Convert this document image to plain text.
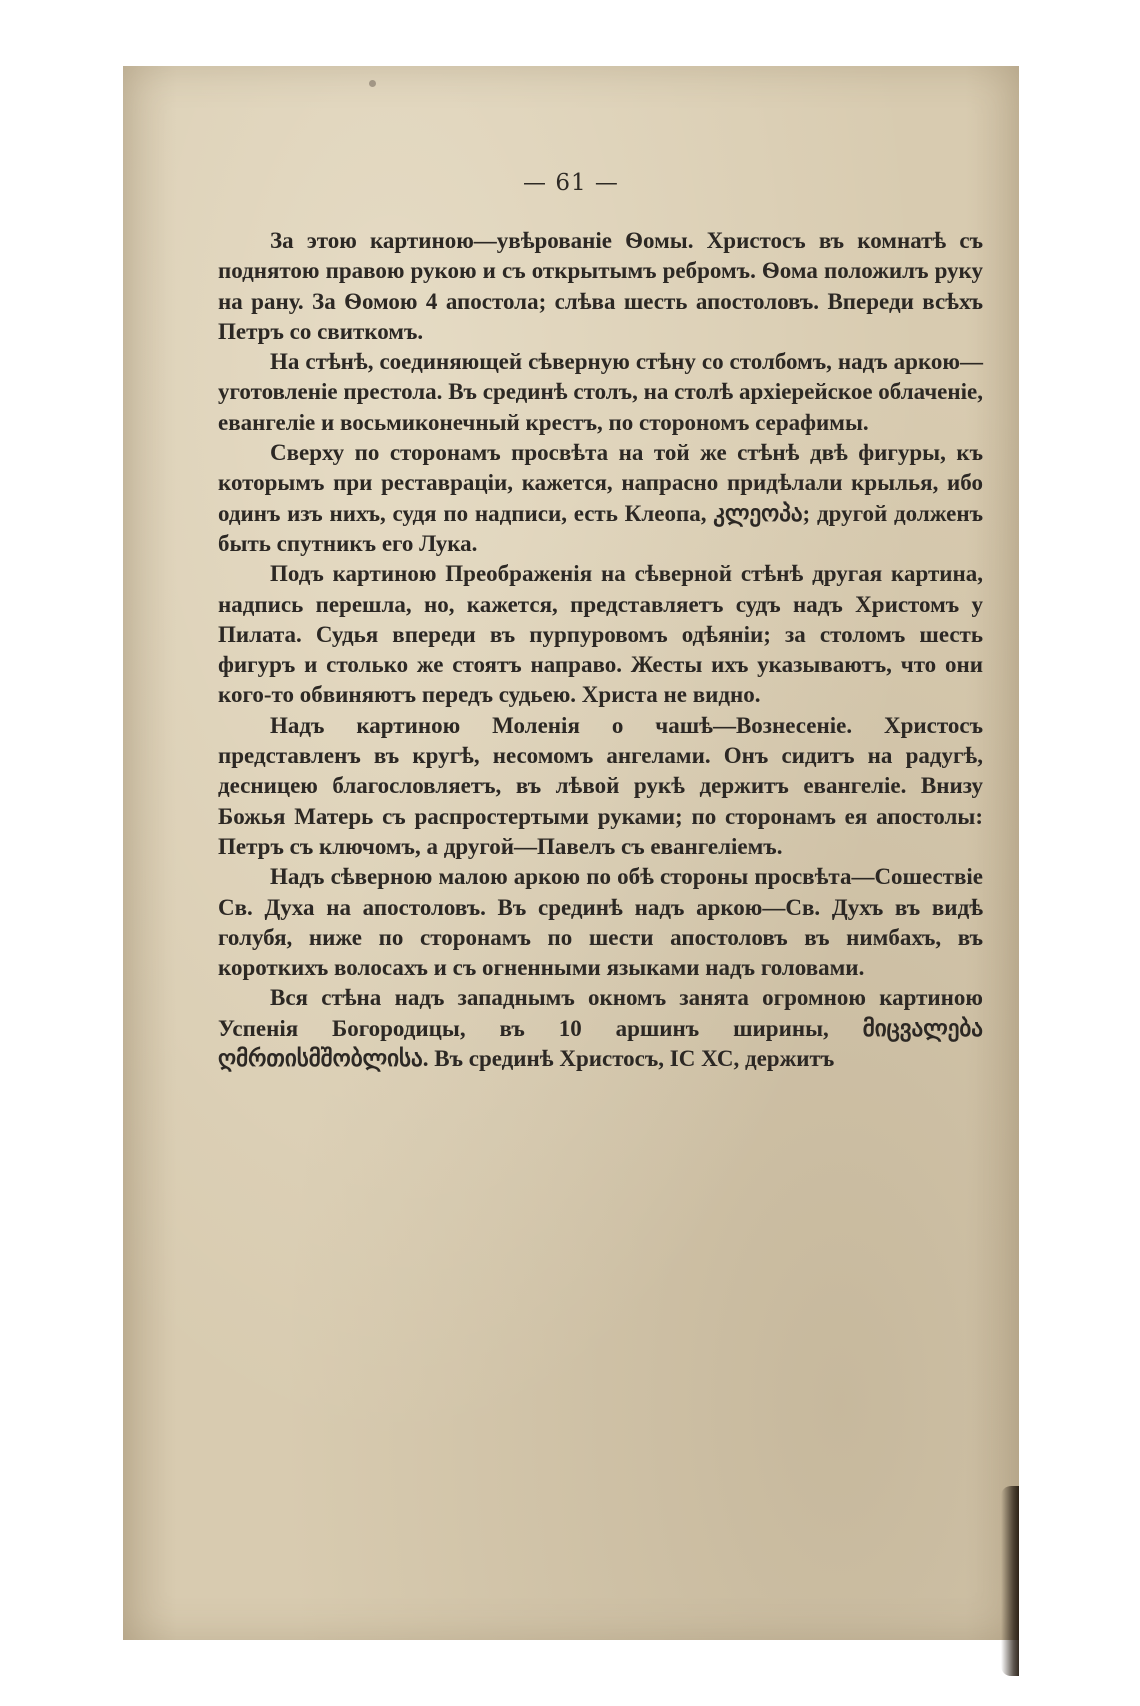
— 61 —

За этою картиною—увѣрованіе Ѳомы. Христосъ въ комнатѣ съ поднятою правою рукою и съ открытымъ ребромъ. Ѳома положилъ руку на рану. За Ѳомою 4 апостола; слѣва шесть апостоловъ. Впереди всѣхъ Петръ со свиткомъ.

На стѣнѣ, соединяющей сѣверную стѣну со столбомъ, надъ аркою—уготовленіе престола. Въ срединѣ столъ, на столѣ архіерейское облаченіе, евангеліе и восьмиконечный крестъ, по сторономъ серафимы.

Сверху по сторонамъ просвѣта на той же стѣнѣ двѣ фигуры, къ которымъ при реставраціи, кажется, напрасно придѣлали крылья, ибо одинъ изъ нихъ, судя по надписи, есть Клеопа, კლეოპა; другой долженъ быть спутникъ его Лука.

Подъ картиною Преображенія на сѣверной стѣнѣ другая картина, надпись перешла, но, кажется, представляетъ судъ надъ Христомъ у Пилата. Судья впереди въ пурпуровомъ одѣяніи; за столомъ шесть фигуръ и столько же стоятъ направо. Жесты ихъ указываютъ, что они кого-то обвиняютъ передъ судьею. Христа не видно.

Надъ картиною Моленія о чашѣ—Вознесеніе. Христосъ представленъ въ кругѣ, несомомъ ангелами. Онъ сидитъ на радугѣ, десницею благословляетъ, въ лѣвой рукѣ держитъ евангеліе. Внизу Божья Матерь съ распростертыми руками; по сторонамъ ея апостолы: Петръ съ ключомъ, а другой—Павелъ съ евангеліемъ.

Надъ сѣверною малою аркою по обѣ стороны просвѣта—Сошествіе Св. Духа на апостоловъ. Въ срединѣ надъ аркою—Св. Духъ въ видѣ голубя, ниже по сторонамъ по шести апостоловъ въ нимбахъ, въ короткихъ волосахъ и съ огненными языками надъ головами.

Вся стѣна надъ западнымъ окномъ занята огромною картиною Успенія Богородицы, въ 10 аршинъ ширины, მიცვალება ღმრთისმშობლისა. Въ срединѣ Христосъ, IС ХС, держитъ
